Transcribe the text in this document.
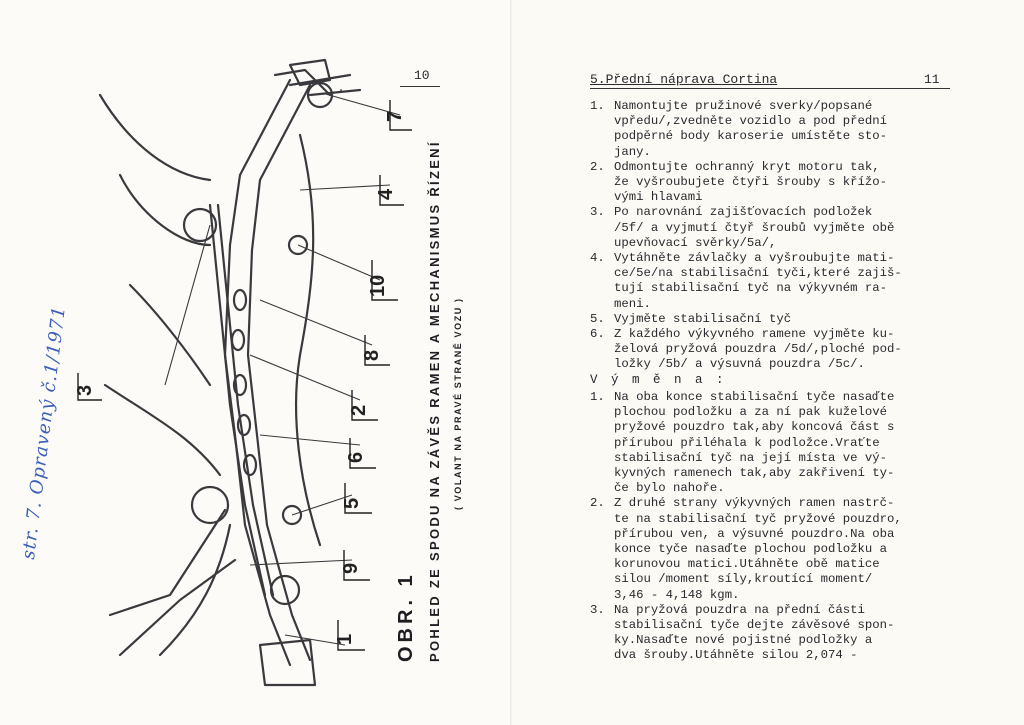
10
7
4
10
8
2
6
5
9
1
3
str. 7. Opravený č.1/1971
OBR. 1 POHLED ZE SPODU NA ZÁVĚS RAMEN A MECHANISMUS ŘÍZENÍ ( VOLANT NA PRAVÉ STRANĚ VOZU )
5.Přední náprava Cortina	11
1. Namontujte pružinové sverky/popsané
vpředu/,zvedněte vozidlo a pod přední
podpěrné body karoserie umístěte sto-
jany.
2. Odmontujte ochranný kryt motoru tak,
že vyšroubujete čtyři šrouby s křížo-
vými hlavami
3. Po narovnání zajišťovacích podložek
/5f/ a vyjmutí čtyř šroubů vyjměte obě
upevňovací svěrky/5a/,
4. Vytáhněte závlačky a vyšroubujte mati-
ce/5e/na stabilisační tyči,které zajiš-
tují stabilisační tyč na výkyvném ra-
meni.
5. Vyjměte stabilisační tyč
6. Z každého výkyvného ramene vyjměte ku-
želová pryžová pouzdra /5d/,ploché pod-
ložky /5b/ a výsuvná pouzdra /5c/.
V ý m ě n a :
1. Na oba konce stabilisační tyče nasaďte
plochou podložku a za ní pak kuželové
pryžové pouzdro tak,aby koncová část s
přírubou přiléhala k podložce.Vraťte
stabilisační tyč na její místa ve vý-
kyvných ramenech tak,aby zakřivení ty-
če bylo nahoře.
2. Z druhé strany výkyvných ramen nastrč-
te na stabilisační tyč pryžové pouzdro,
přírubou ven, a výsuvné pouzdro.Na oba
konce tyče nasaďte plochou podložku a
korunovou matici.Utáhněte obě matice
silou /moment síly,kroutící moment/
3,46 - 4,148 kgm.
3. Na pryžová pouzdra na přední části
stabilisační tyče dejte závěsové spon-
ky.Nasaďte nové pojistné podložky a
dva šrouby.Utáhněte silou 2,074 -
